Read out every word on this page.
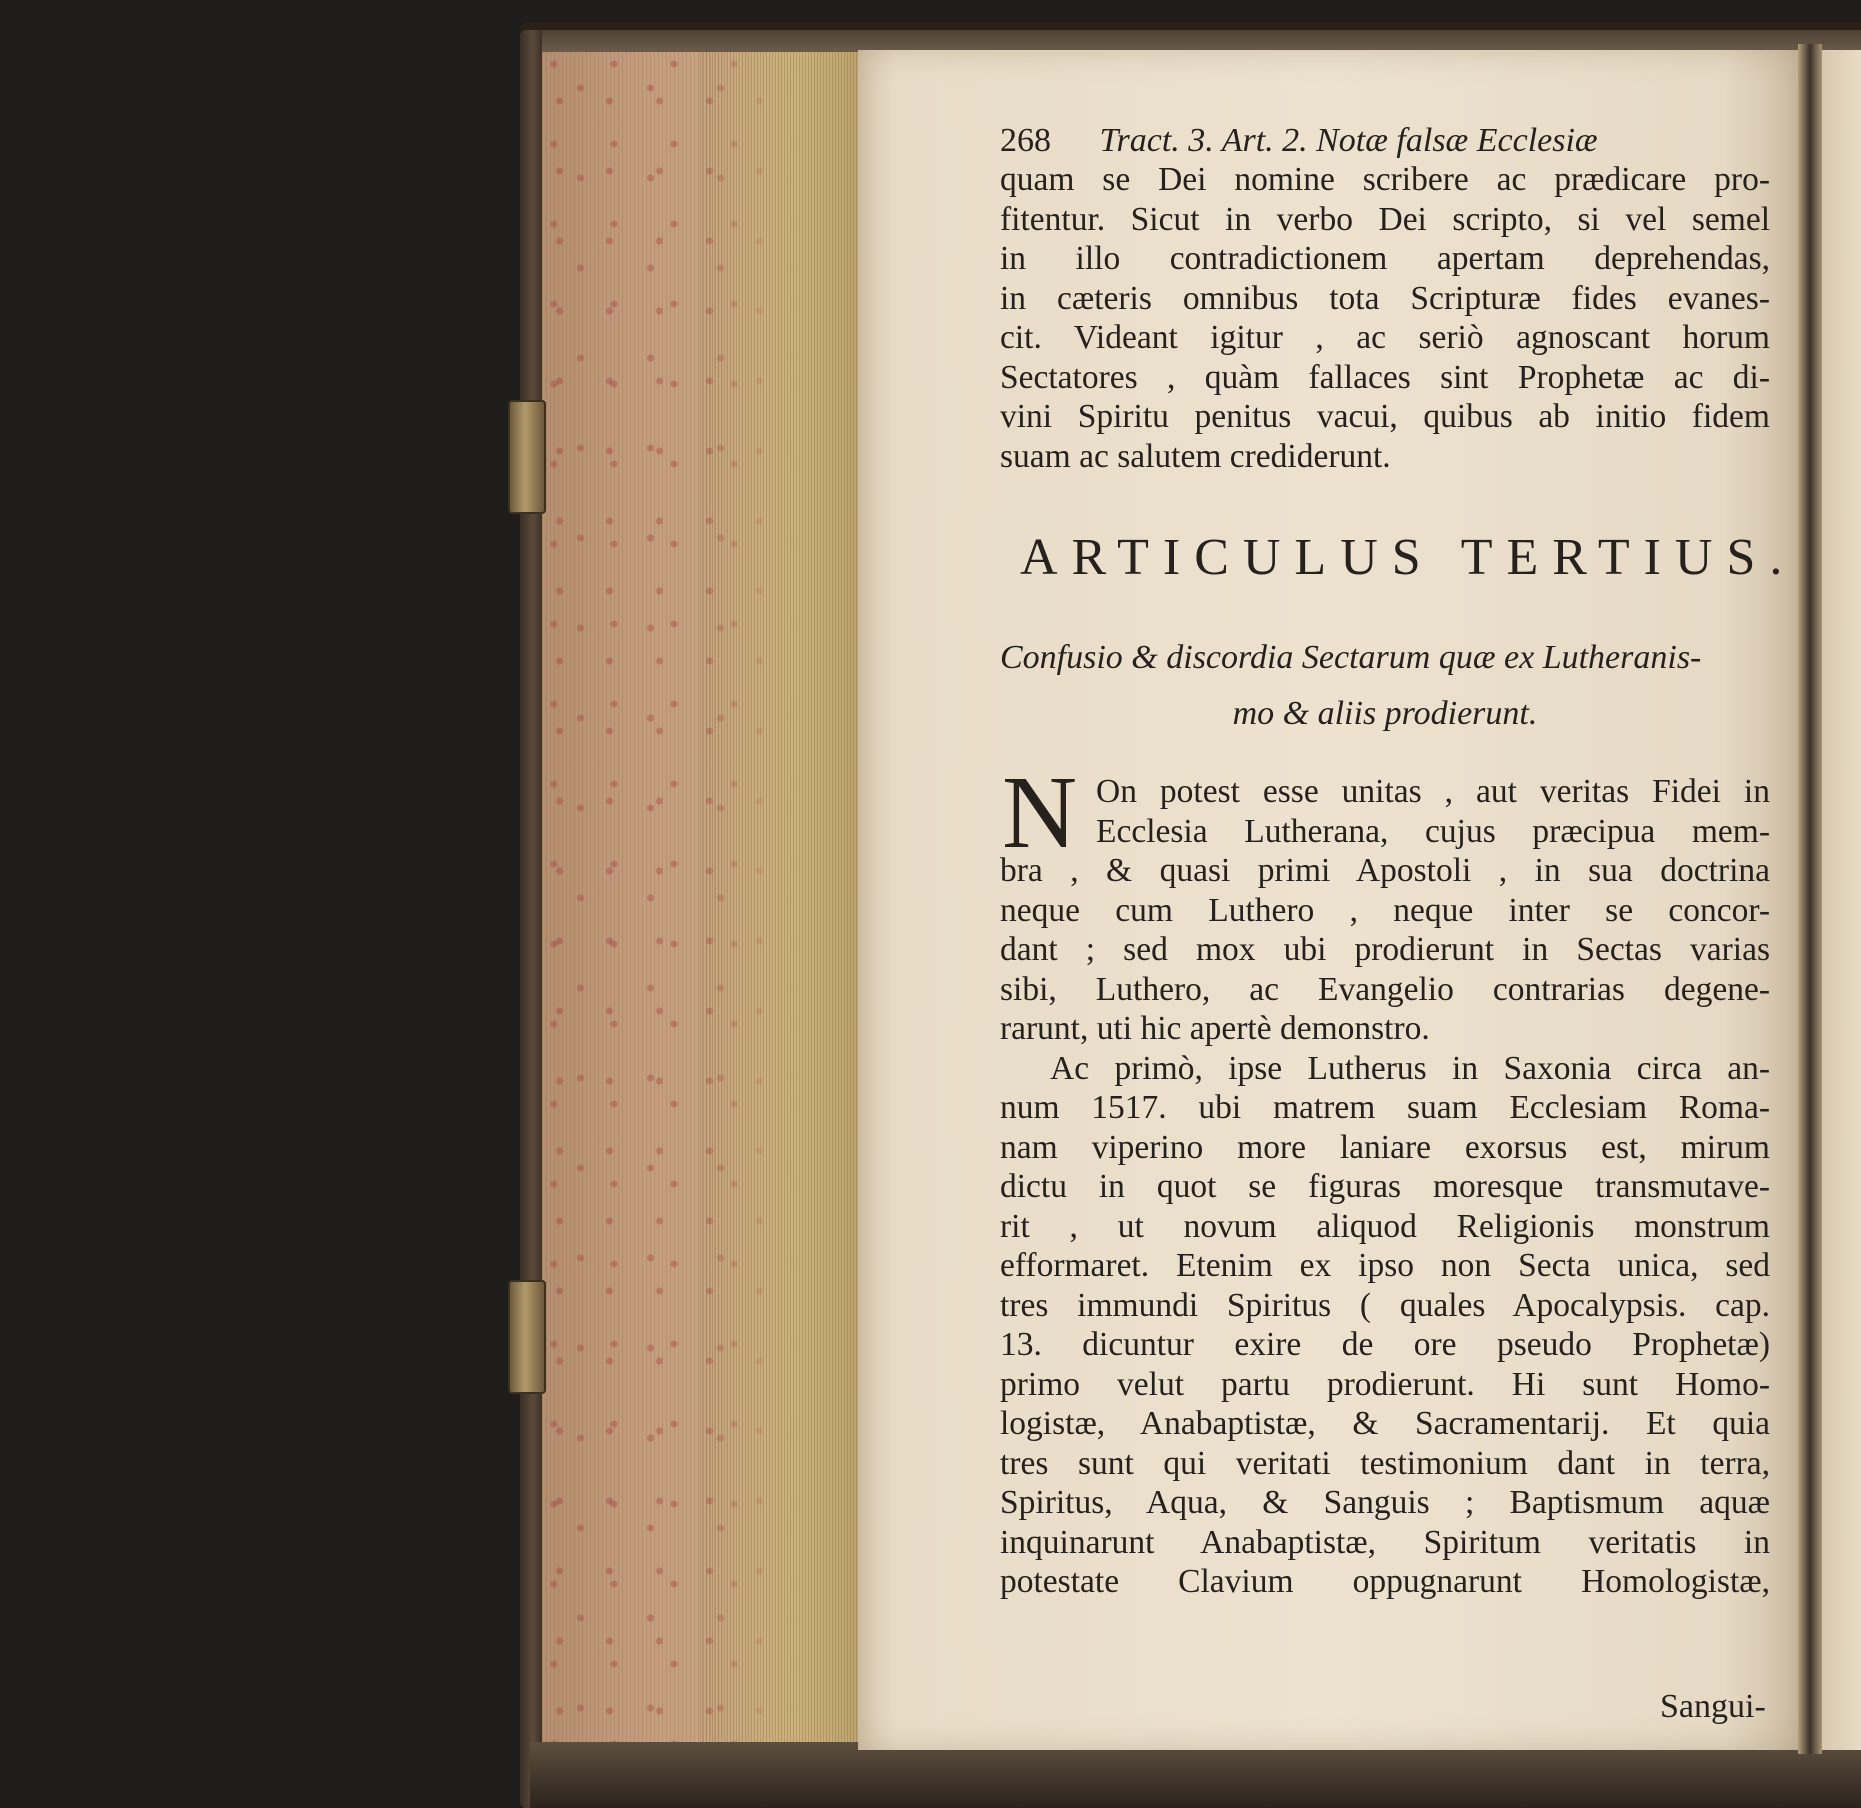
268 Tract. 3. Art. 2. Notæ falsæ Ecclesiæ
quam se Dei nomine scribere ac prædicare pro-
fitentur. Sicut in verbo Dei scripto, si vel semel
in illo contradictionem apertam deprehendas,
in cæteris omnibus tota Scripturæ fides evanes-
cit. Videant igitur , ac seriò agnoscant horum
Sectatores , quàm fallaces sint Prophetæ ac di-
vini Spiritu penitus vacui, quibus ab initio fidem
suam ac salutem crediderunt.
ARTICULUS TERTIUS.
Confusio & discordia Sectarum quæ ex Lutheranis-
mo & aliis prodierunt.
N On potest esse unitas , aut veritas Fidei in
Ecclesia Lutherana, cujus præcipua mem-
bra , & quasi primi Apostoli , in sua doctrina
neque cum Luthero , neque inter se concor-
dant ; sed mox ubi prodierunt in Sectas varias
sibi, Luthero, ac Evangelio contrarias degene-
rarunt, uti hic apertè demonstro.
Ac primò, ipse Lutherus in Saxonia circa an-
num 1517. ubi matrem suam Ecclesiam Roma-
nam viperino more laniare exorsus est, mirum
dictu in quot se figuras moresque transmutave-
rit , ut novum aliquod Religionis monstrum
efformaret. Etenim ex ipso non Secta unica, sed
tres immundi Spiritus ( quales Apocalypsis. cap.
13. dicuntur exire de ore pseudo Prophetæ)
primo velut partu prodierunt. Hi sunt Homo-
logistæ, Anabaptistæ, & Sacramentarij. Et quia
tres sunt qui veritati testimonium dant in terra,
Spiritus, Aqua, & Sanguis ; Baptismum aquæ
inquinarunt Anabaptistæ, Spiritum veritatis in
potestate Clavium oppugnarunt Homologistæ,
Sangui-
